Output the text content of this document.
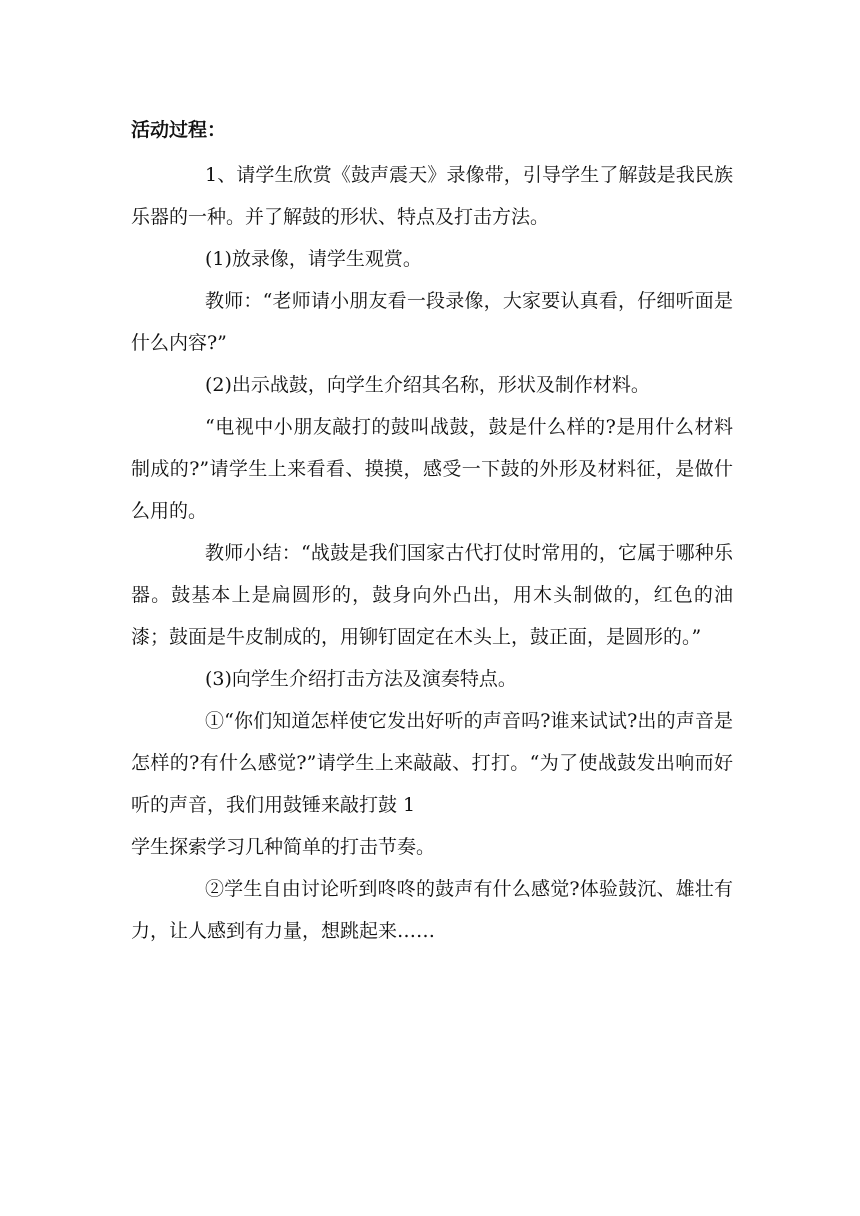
活动过程：

1、请学生欣赏《鼓声震天》录像带，引导学生了解鼓是我民族乐器的一种。并了解鼓的形状、特点及打击方法。

(1)放录像，请学生观赏。

教师：“老师请小朋友看一段录像，大家要认真看，仔细听面是什么内容?”

(2)出示战鼓，向学生介绍其名称，形状及制作材料。

“电视中小朋友敲打的鼓叫战鼓，鼓是什么样的?是用什么材料制成的?”请学生上来看看、摸摸，感受一下鼓的外形及材料征，是做什么用的。

教师小结：“战鼓是我们国家古代打仗时常用的，它属于哪种乐器。鼓基本上是扁圆形的，鼓身向外凸出，用木头制做的，红色的油漆；鼓面是牛皮制成的，用铆钉固定在木头上，鼓正面，是圆形的。”

(3)向学生介绍打击方法及演奏特点。

①“你们知道怎样使它发出好听的声音吗?谁来试试?出的声音是怎样的?有什么感觉?”请学生上来敲敲、打打。“为了使战鼓发出响而好听的声音，我们用鼓锤来敲打鼓 1

学生探索学习几种简单的打击节奏。

②学生自由讨论听到咚咚的鼓声有什么感觉?体验鼓沉、雄壮有力，让人感到有力量，想跳起来……
